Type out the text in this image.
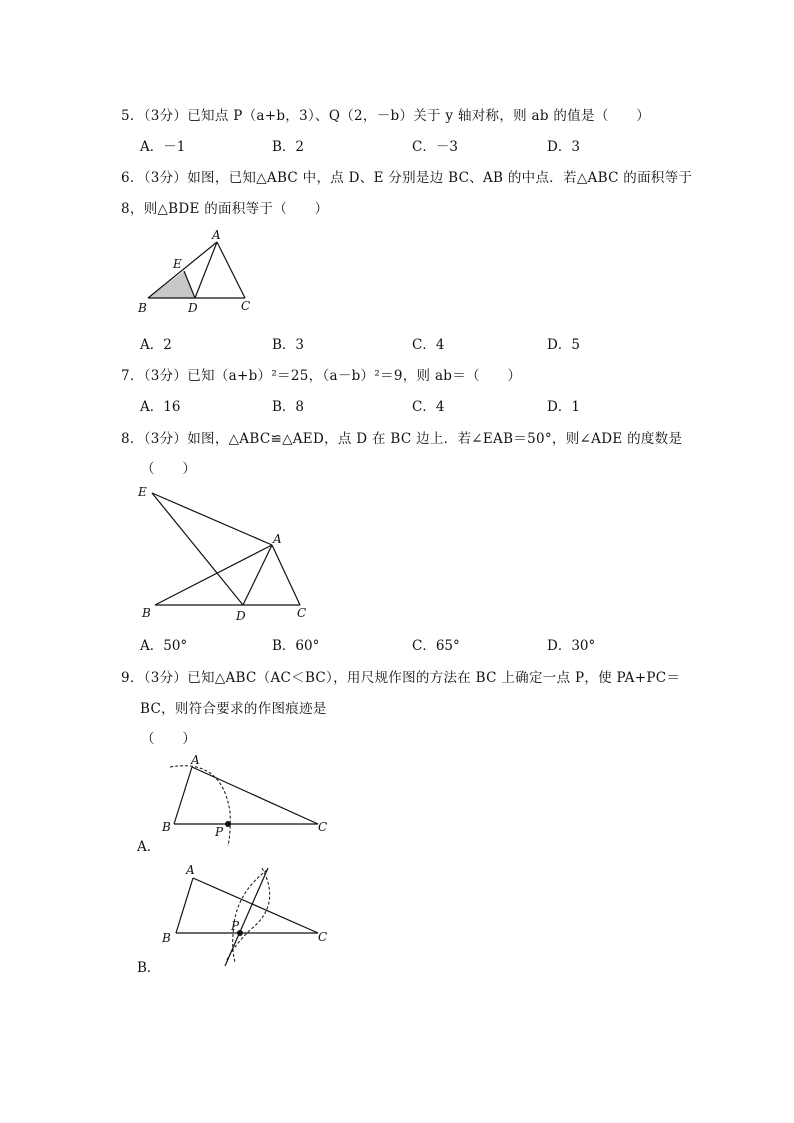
5．（3分）已知点 P（a+b，3）、Q（2，－b）关于 y 轴对称，则 ab 的值是（　　）
A．－1	B．2	C．－3	D．3
6．（3分）如图，已知△ABC 中，点 D、E 分别是边 BC、AB 的中点．若△ABC 的面积等于
8，则△BDE 的面积等于（　　）
A
E
B	D	C
A．2	B．3	C．4	D．5
7．（3分）已知（a+b）²＝25，（a－b）²＝9，则 ab＝（　　）
A．16	B．8	C．4	D．1
8．（3分）如图，△ABC≌△AED，点 D 在 BC 边上．若∠EAB＝50°，则∠ADE 的度数是
（　　）
E
A
B	D	C
A．50°	B．60°	C．65°	D．30°
9．（3分）已知△ABC（AC＜BC），用尺规作图的方法在 BC 上确定一点 P，使 PA+PC＝
BC，则符合要求的作图痕迹是
（　　）
A
B	P	C
A．
A
B
P
C
B．
